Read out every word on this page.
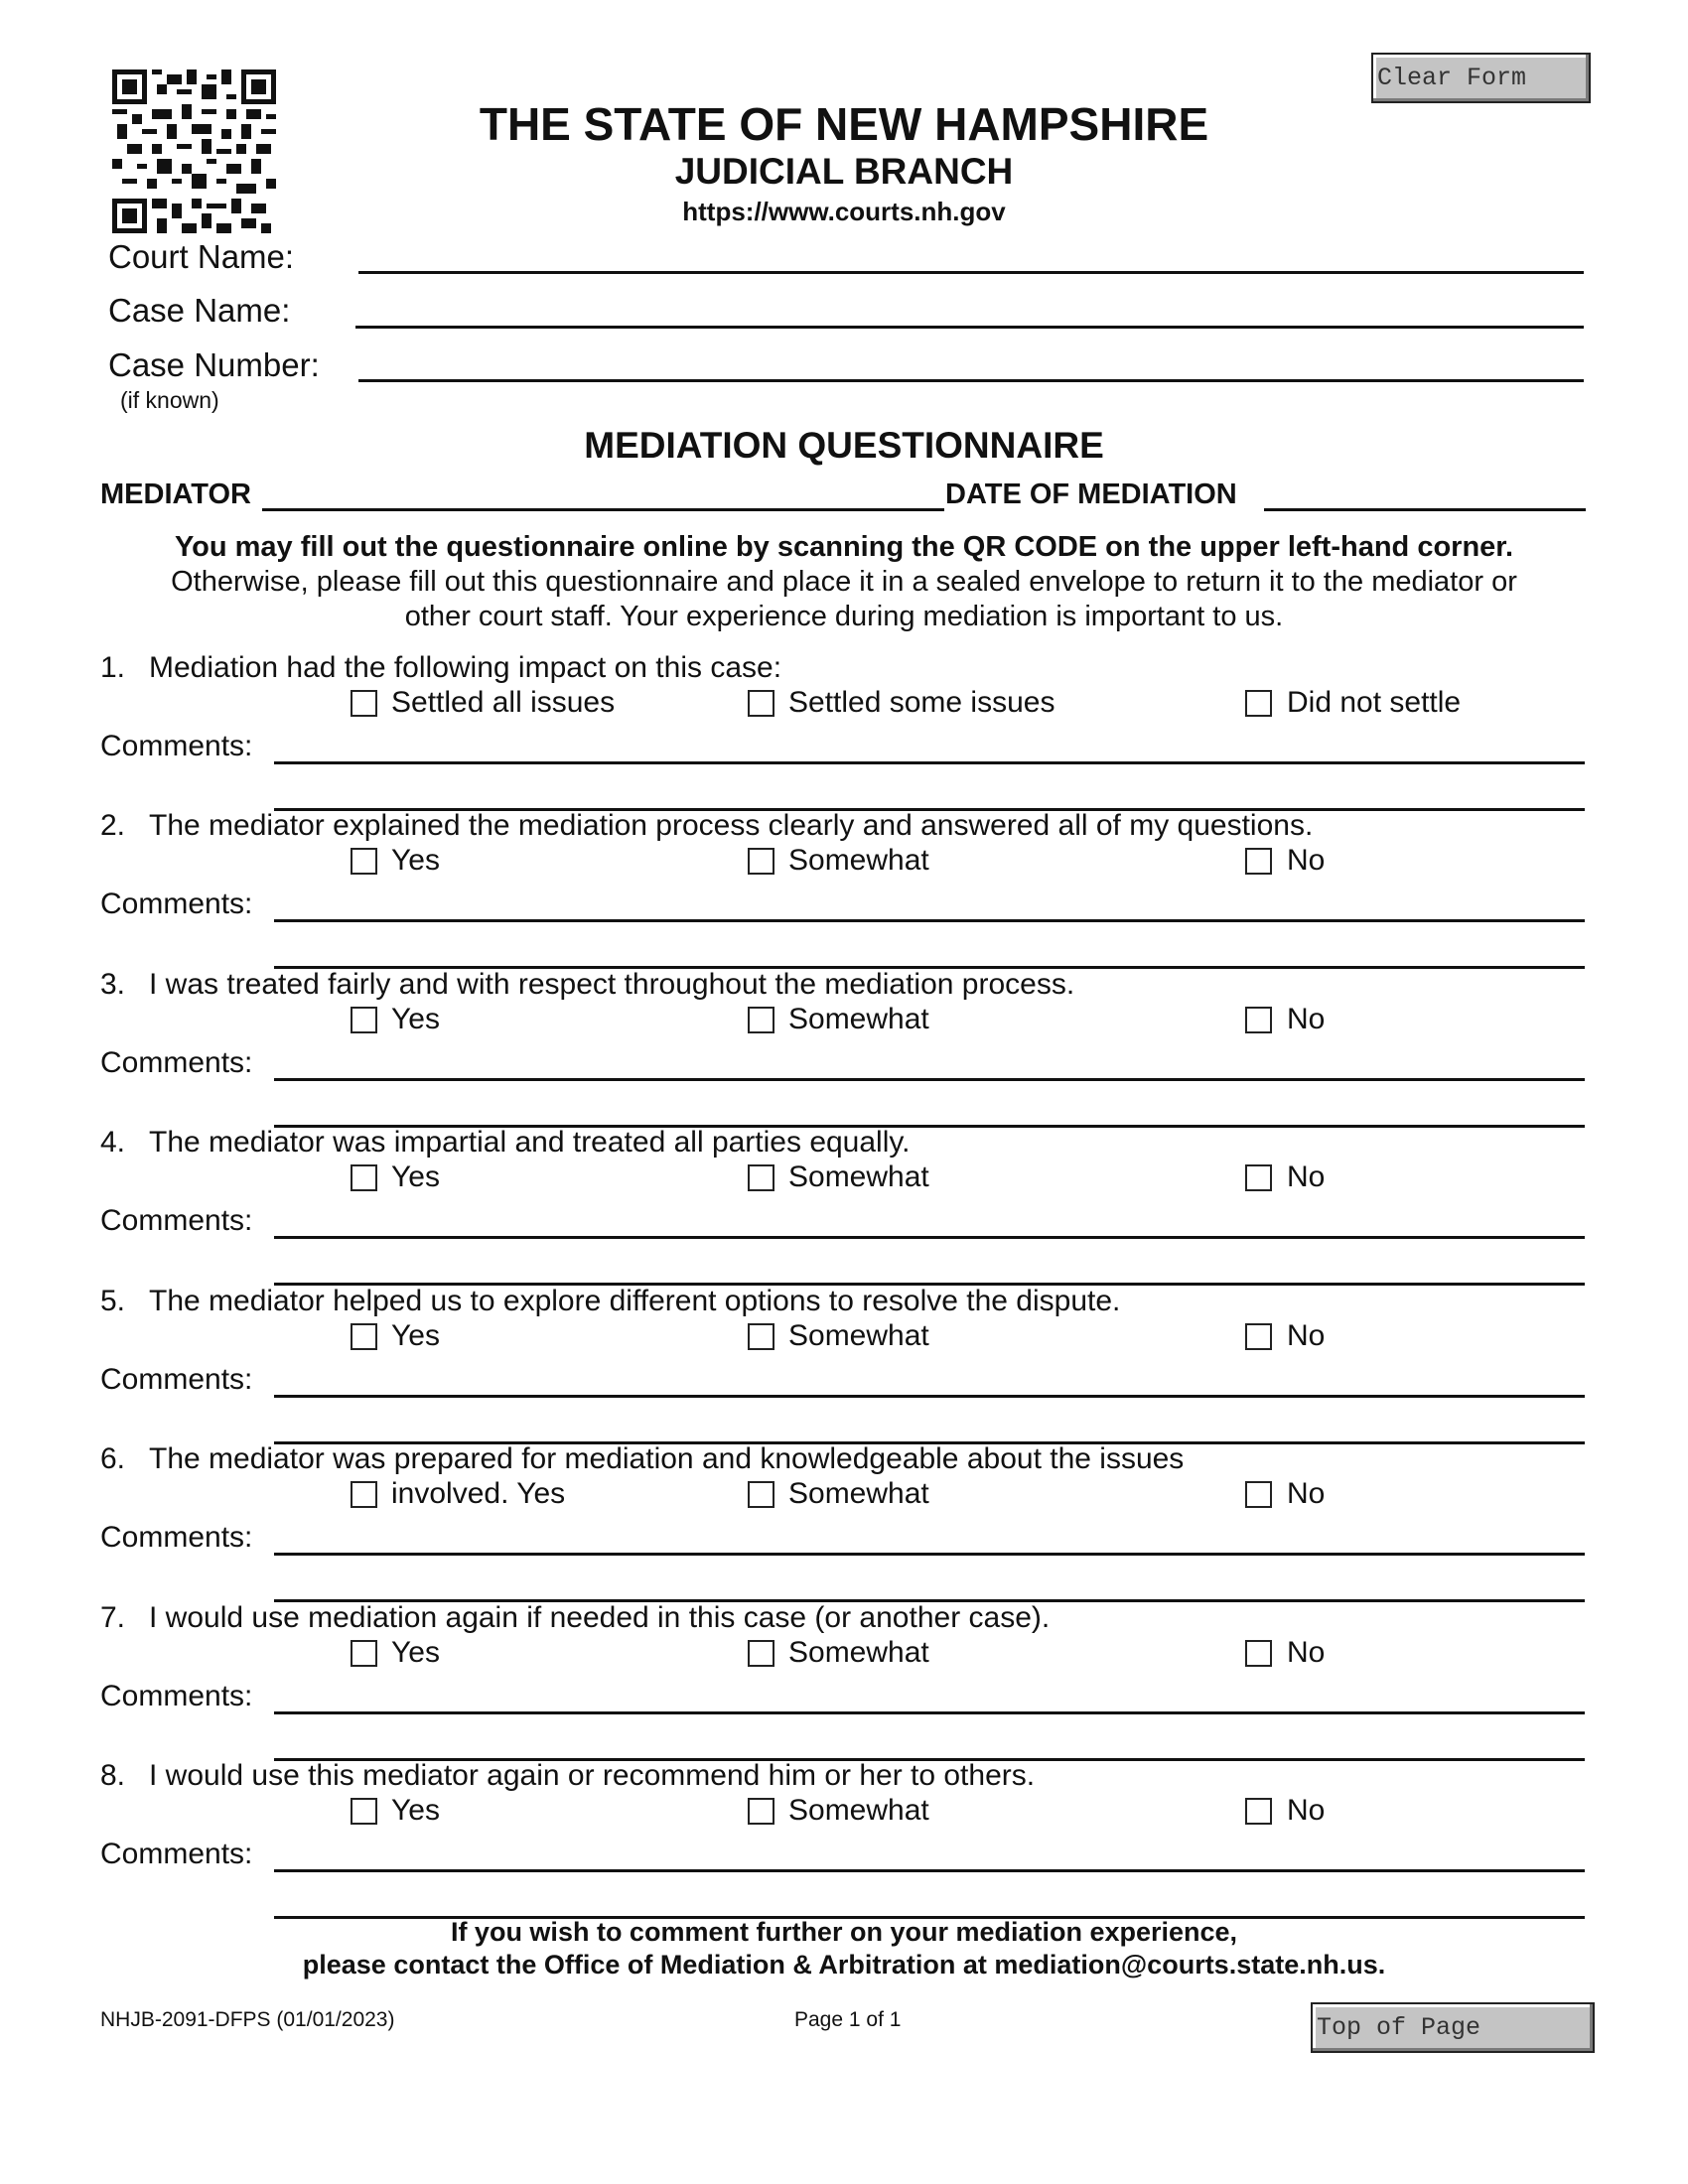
Clear Form
THE STATE OF NEW HAMPSHIRE
JUDICIAL BRANCH
https://www.courts.nh.gov
Court Name:
Case Name:
Case Number:
(if known)
MEDIATION QUESTIONNAIRE
MEDIATOR	DATE OF MEDIATION
You may fill out the questionnaire online by scanning the QR CODE on the upper left-hand corner.
Otherwise, please fill out this questionnaire and place it in a sealed envelope to return it to the mediator or
other court staff. Your experience during mediation is important to us.
1. Mediation had the following impact on this case:
Settled all issues	Settled some issues	Did not settle
Comments:
2. The mediator explained the mediation process clearly and answered all of my questions.
Yes	Somewhat	No
Comments:
3. I was treated fairly and with respect throughout the mediation process.
Yes	Somewhat	No
Comments:
4. The mediator was impartial and treated all parties equally.
Yes	Somewhat	No
Comments:
5. The mediator helped us to explore different options to resolve the dispute.
Yes	Somewhat	No
Comments:
6. The mediator was prepared for mediation and knowledgeable about the issues
involved. Yes	Somewhat	No
Comments:
7. I would use mediation again if needed in this case (or another case).
Yes	Somewhat	No
Comments:
8. I would use this mediator again or recommend him or her to others.
Yes	Somewhat	No
Comments:
If you wish to comment further on your mediation experience,
please contact the Office of Mediation & Arbitration at mediation@courts.state.nh.us.
NHJB-2091-DFPS (01/01/2023)	Page 1 of 1	Top of Page
